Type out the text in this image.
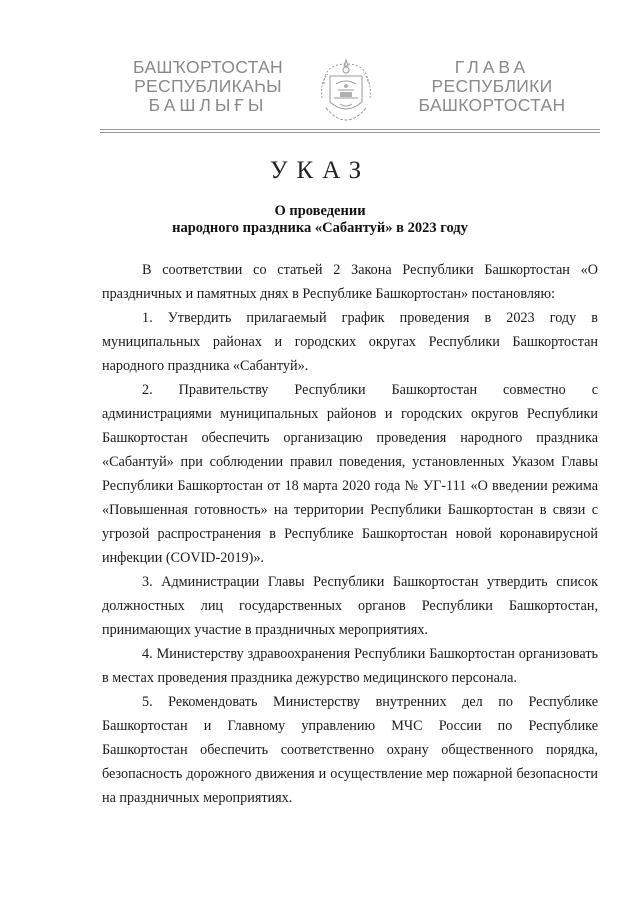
БАШҠОРТОСТАН
РЕСПУБЛИКАҺЫ
БАШЛЫҒЫ
ГЛАВА
РЕСПУБЛИКИ
БАШКОРТОСТАН
УКАЗ
О проведении
народного праздника «Сабантуй» в 2023 году

В соответствии со статьей 2 Закона Республики Башкортостан «О праздничных и памятных днях в Республике Башкортостан» постановляю:

1. Утвердить прилагаемый график проведения в 2023 году в муниципальных районах и городских округах Республики Башкортостан народного праздника «Сабантуй».

2. Правительству Республики Башкортостан совместно с администрациями муниципальных районов и городских округов Республики Башкортостан обеспечить организацию проведения народного праздника «Сабантуй» при соблюдении правил поведения, установленных Указом Главы Республики Башкортостан от 18 марта 2020 года № УГ-111 «О введении режима «Повышенная готовность» на территории Республики Башкортостан в связи с угрозой распространения в Республике Башкортостан новой коронавирусной инфекции (COVID-2019)».

3. Администрации Главы Республики Башкортостан утвердить список должностных лиц государственных органов Республики Башкортостан, принимающих участие в праздничных мероприятиях.

4. Министерству здравоохранения Республики Башкортостан организовать в местах проведения праздника дежурство медицинского персонала.

5. Рекомендовать Министерству внутренних дел по Республике Башкортостан и Главному управлению МЧС России по Республике Башкортостан обеспечить соответственно охрану общественного порядка, безопасность дорожного движения и осуществление мер пожарной безопасности на праздничных мероприятиях.
